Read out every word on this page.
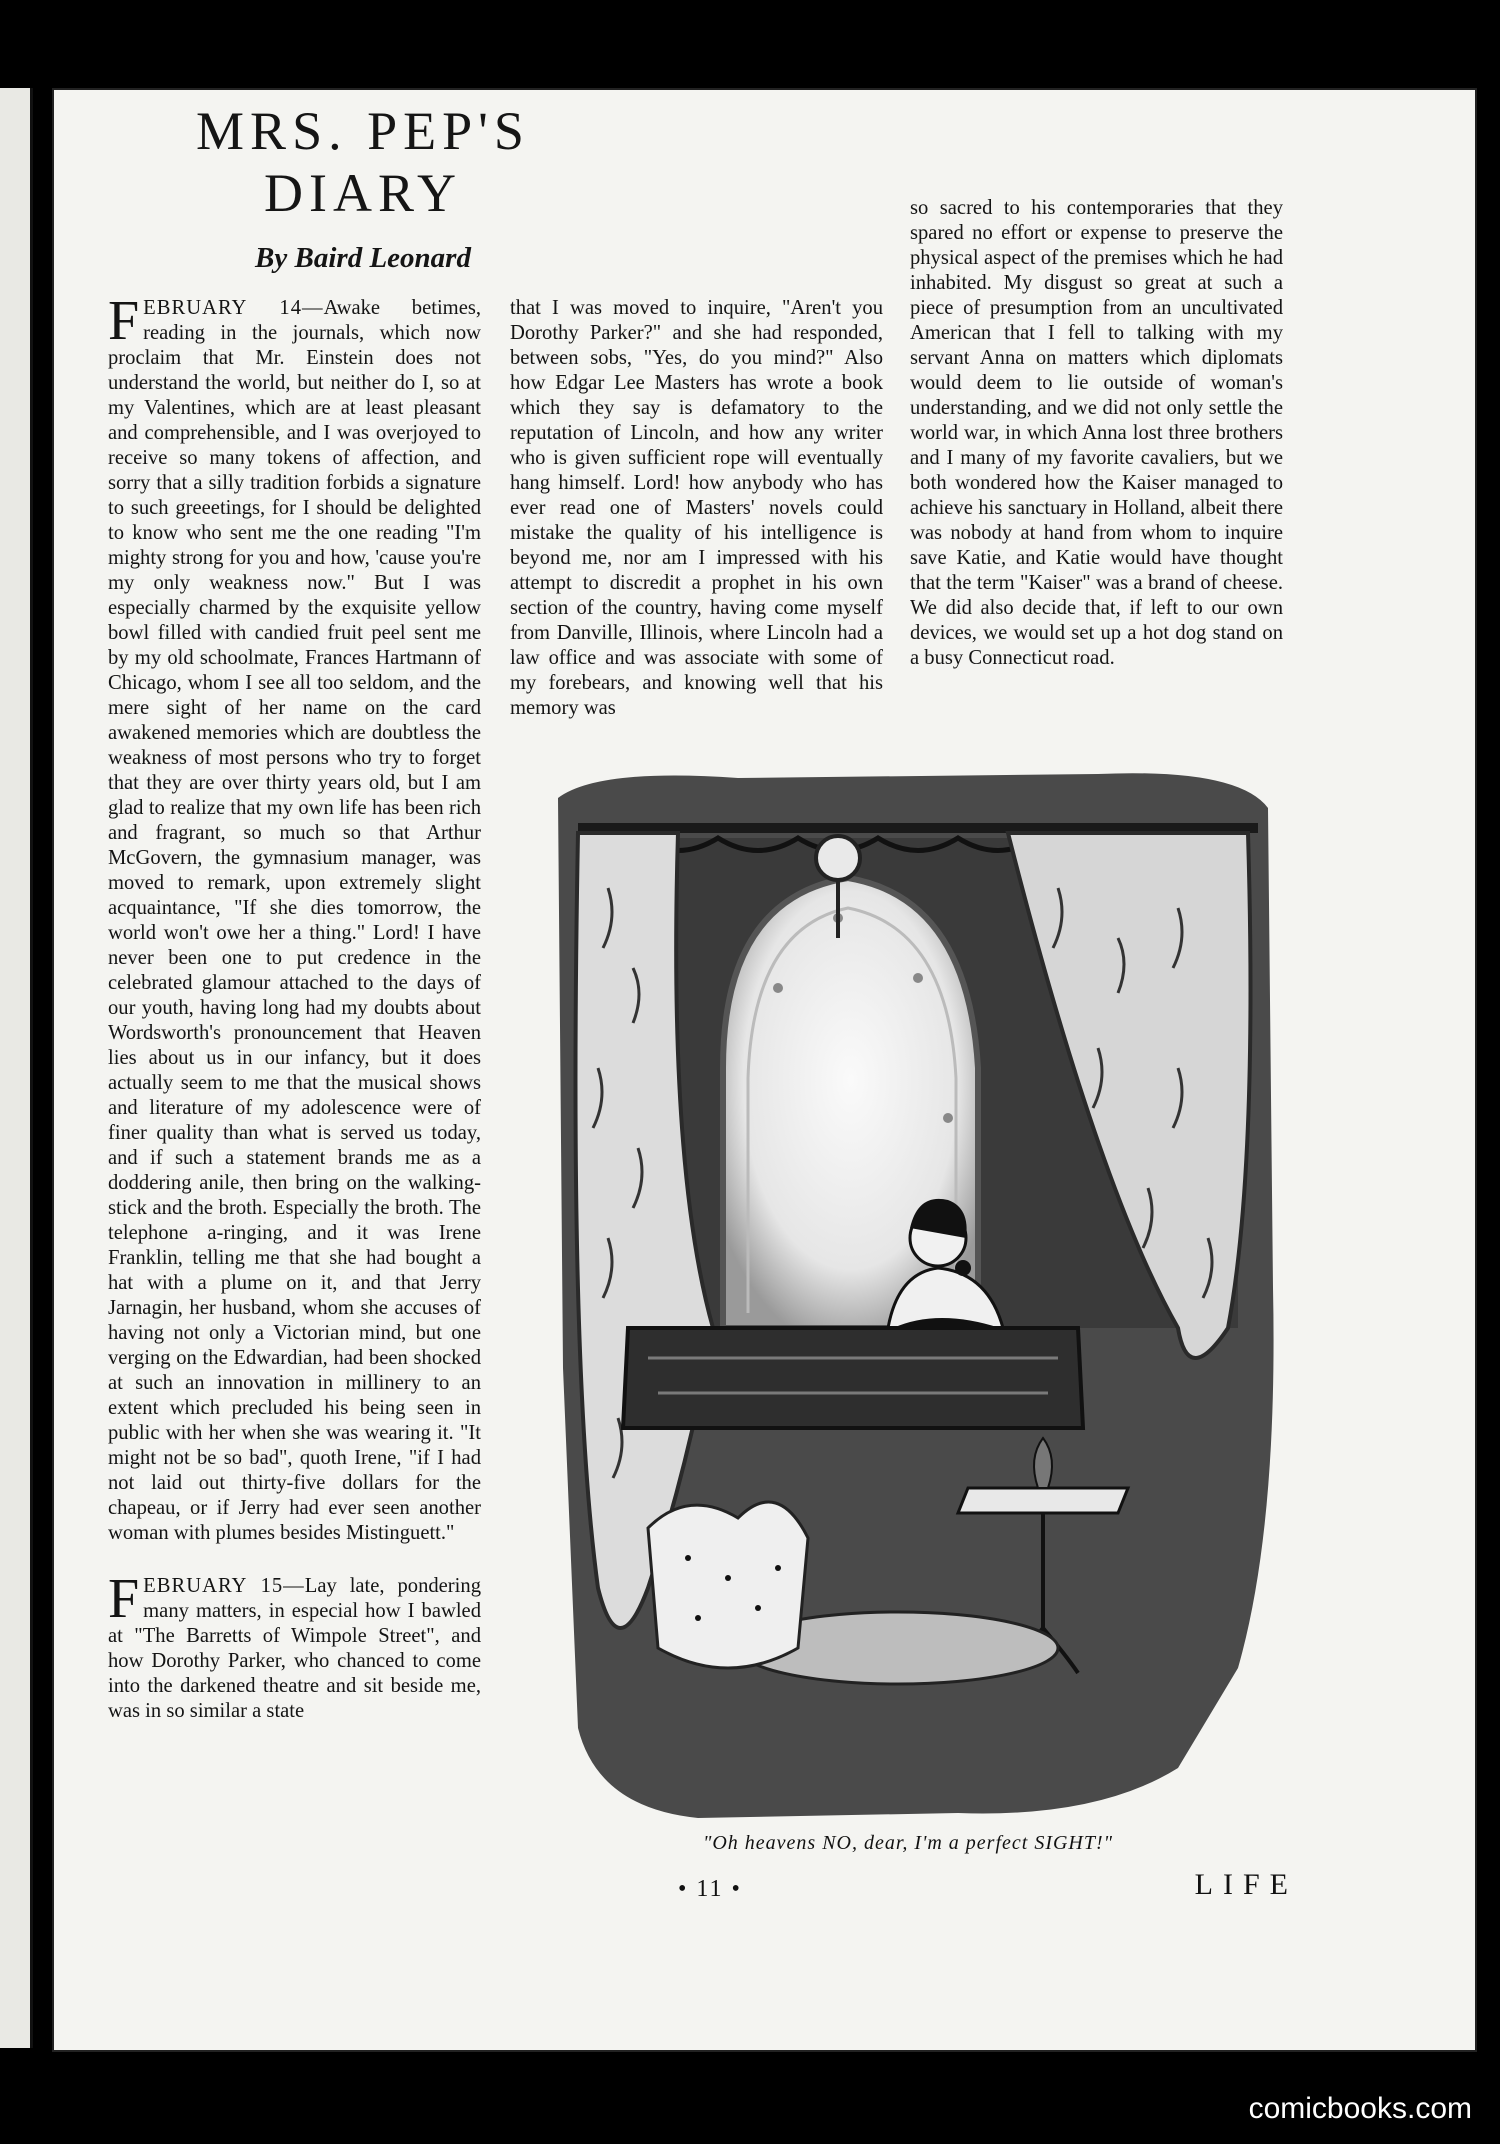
MRS. PEP'S DIARY
By Baird Leonard

FEBRUARY 14—Awake betimes, reading in the journals, which now proclaim that Mr. Einstein does not understand the world, but neither do I, so at my Valentines, which are at least pleasant and comprehensible, and I was overjoyed to receive so many tokens of affection, and sorry that a silly tradition forbids a signature to such greeetings, for I should be delighted to know who sent me the one reading "I'm mighty strong for you and how, 'cause you're my only weakness now." But I was especially charmed by the exquisite yellow bowl filled with candied fruit peel sent me by my old schoolmate, Frances Hartmann of Chicago, whom I see all too seldom, and the mere sight of her name on the card awakened memories which are doubtless the weakness of most persons who try to forget that they are over thirty years old, but I am glad to realize that my own life has been rich and fragrant, so much so that Arthur McGovern, the gymnasium manager, was moved to remark, upon extremely slight acquaintance, "If she dies tomorrow, the world won't owe her a thing." Lord! I have never been one to put credence in the celebrated glamour attached to the days of our youth, having long had my doubts about Wordsworth's pronouncement that Heaven lies about us in our infancy, but it does actually seem to me that the musical shows and literature of my adolescence were of finer quality than what is served us today, and if such a statement brands me as a doddering anile, then bring on the walking-stick and the broth. Especially the broth. The telephone a-ringing, and it was Irene Franklin, telling me that she had bought a hat with a plume on it, and that Jerry Jarnagin, her husband, whom she accuses of having not only a Victorian mind, but one verging on the Edwardian, had been shocked at such an innovation in millinery to an extent which precluded his being seen in public with her when she was wearing it. "It might not be so bad", quoth Irene, "if I had not laid out thirty-five dollars for the chapeau, or if Jerry had ever seen another woman with plumes besides Mistinguett."

FEBRUARY 15—Lay late, pondering many matters, in especial how I bawled at "The Barretts of Wimpole Street", and how Dorothy Parker, who chanced to come into the darkened theatre and sit beside me, was in so similar a state

that I was moved to inquire, "Aren't you Dorothy Parker?" and she had responded, between sobs, "Yes, do you mind?" Also how Edgar Lee Masters has wrote a book which they say is defamatory to the reputation of Lincoln, and how any writer who is given sufficient rope will eventually hang himself. Lord! how anybody who has ever read one of Masters' novels could mistake the quality of his intelligence is beyond me, nor am I impressed with his attempt to discredit a prophet in his own section of the country, having come myself from Danville, Illinois, where Lincoln had a law office and was associate with some of my forebears, and knowing well that his memory was

so sacred to his contemporaries that they spared no effort or expense to preserve the physical aspect of the premises which he had inhabited. My disgust so great at such a piece of presumption from an uncultivated American that I fell to talking with my servant Anna on matters which diplomats would deem to lie outside of woman's understanding, and we did not only settle the world war, in which Anna lost three brothers and I many of my favorite cavaliers, but we both wondered how the Kaiser managed to achieve his sanctuary in Holland, albeit there was nobody at hand from whom to inquire save Katie, and Katie would have thought that the term "Kaiser" was a brand of cheese. We did also decide that, if left to our own devices, we would set up a hot dog stand on a busy Connecticut road.

"Oh heavens NO, dear, I'm a perfect SIGHT!"
• 11 •	LIFE
comicbooks.com
